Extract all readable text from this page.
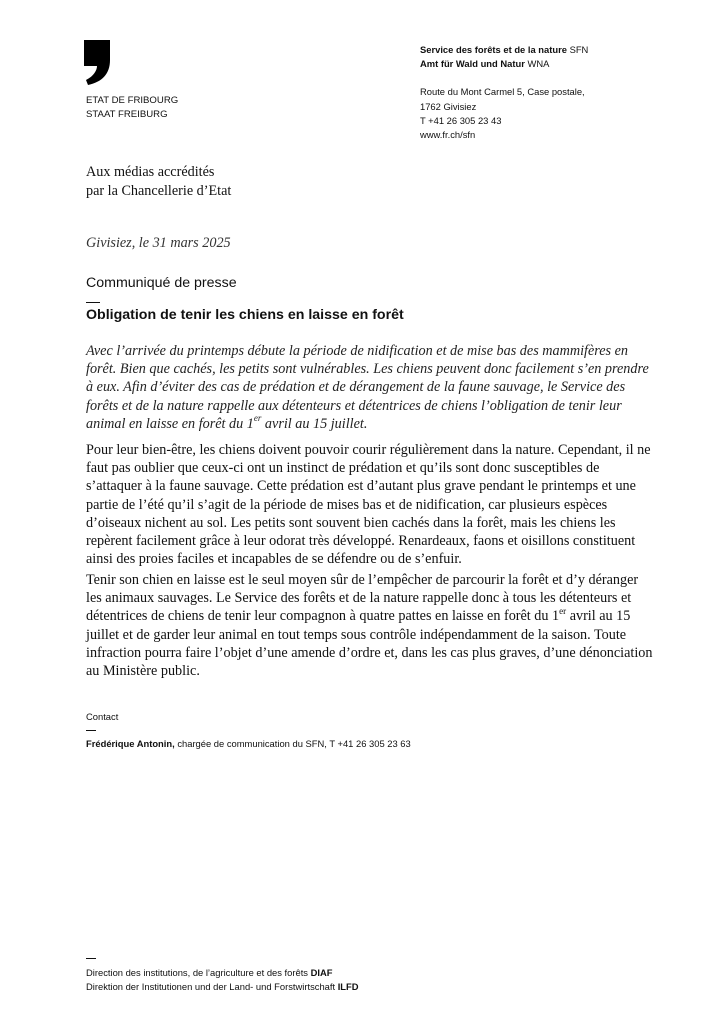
ETAT DE FRIBOURG
STAAT FREIBURG
Service des forêts et de la nature SFN
Amt für Wald und Natur WNA
Route du Mont Carmel 5, Case postale,
1762 Givisiez
T +41 26 305 23 43
www.fr.ch/sfn
Aux médias accrédités
par la Chancellerie d’Etat
Givisiez, le 31 mars 2025
Communiqué de presse
Obligation de tenir les chiens en laisse en forêt
Avec l’arrivée du printemps débute la période de nidification et de mise bas des mammifères en forêt. Bien que cachés, les petits sont vulnérables. Les chiens peuvent donc facilement s’en prendre à eux. Afin d’éviter des cas de prédation et de dérangement de la faune sauvage, le Service des forêts et de la nature rappelle aux détenteurs et détentrices de chiens l’obligation de tenir leur animal en laisse en forêt du 1er avril au 15 juillet.
Pour leur bien-être, les chiens doivent pouvoir courir régulièrement dans la nature. Cependant, il ne faut pas oublier que ceux-ci ont un instinct de prédation et qu’ils sont donc susceptibles de s’attaquer à la faune sauvage. Cette prédation est d’autant plus grave pendant le printemps et une partie de l’été qu’il s’agit de la période de mises bas et de nidification, car plusieurs espèces d’oiseaux nichent au sol. Les petits sont souvent bien cachés dans la forêt, mais les chiens les repèrent facilement grâce à leur odorat très développé. Renardeaux, faons et oisillons constituent ainsi des proies faciles et incapables de se défendre ou de s’enfuir.
Tenir son chien en laisse est le seul moyen sûr de l’empêcher de parcourir la forêt et d’y déranger les animaux sauvages. Le Service des forêts et de la nature rappelle donc à tous les détenteurs et détentrices de chiens de tenir leur compagnon à quatre pattes en laisse en forêt du 1er avril au 15 juillet et de garder leur animal en tout temps sous contrôle indépendamment de la saison. Toute infraction pourra faire l’objet d’une amende d’ordre et, dans les cas plus graves, d’une dénonciation au Ministère public.
Contact
Frédérique Antonin, chargée de communication du SFN, T +41 26 305 23 63
Direction des institutions, de l’agriculture et des forêts DIAF
Direktion der Institutionen und der Land- und Forstwirtschaft ILFD
